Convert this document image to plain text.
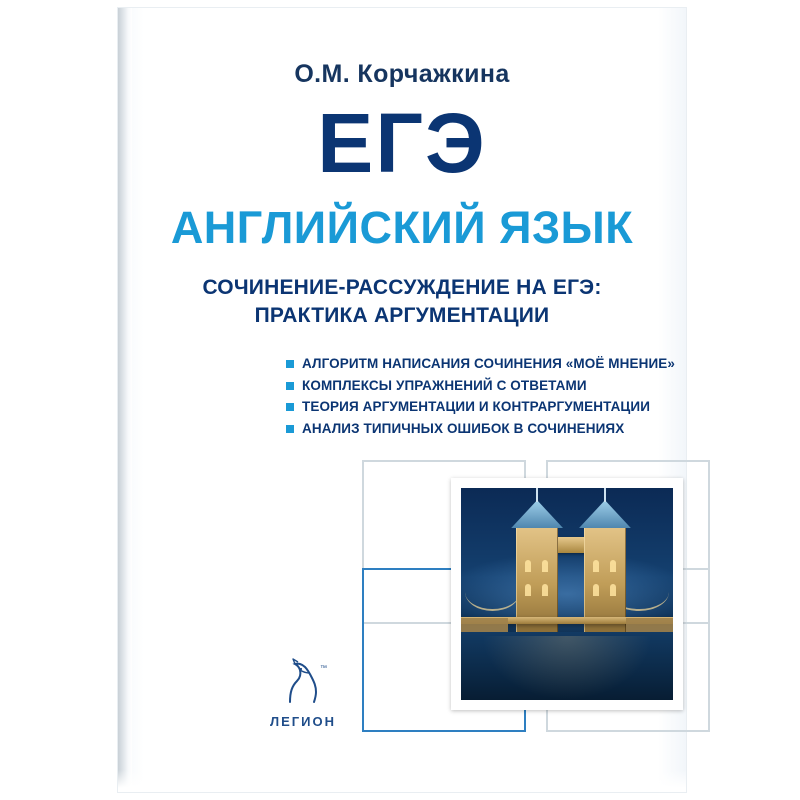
О.М. Корчажкина
ЕГЭ
АНГЛИЙСКИЙ ЯЗЫК
СОЧИНЕНИЕ-РАССУЖДЕНИЕ НА ЕГЭ:
ПРАКТИКА АРГУМЕНТАЦИИ
АЛГОРИТМ НАПИСАНИЯ СОЧИНЕНИЯ «МОЁ МНЕНИЕ»
КОМПЛЕКСЫ УПРАЖНЕНИЙ С ОТВЕТАМИ
ТЕОРИЯ АРГУМЕНТАЦИИ И КОНТРАРГУМЕНТАЦИИ
АНАЛИЗ ТИПИЧНЫХ ОШИБОК В СОЧИНЕНИЯХ
™
ЛЕГИОН
